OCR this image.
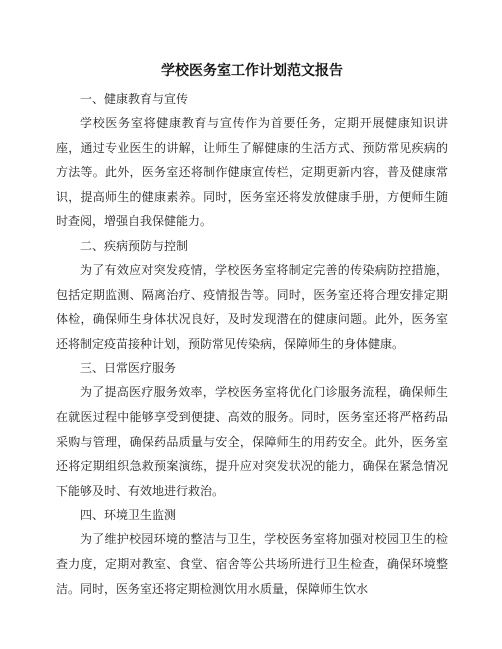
学校医务室工作计划范文报告

一、健康教育与宣传

学校医务室将健康教育与宣传作为首要任务，定期开展健康知识讲座，通过专业医生的讲解，让师生了解健康的生活方式、预防常见疾病的方法等。此外，医务室还将制作健康宣传栏，定期更新内容，普及健康常识，提高师生的健康素养。同时，医务室还将发放健康手册，方便师生随时查阅，增强自我保健能力。

二、疾病预防与控制

为了有效应对突发疫情，学校医务室将制定完善的传染病防控措施，包括定期监测、隔离治疗、疫情报告等。同时，医务室还将合理安排定期体检，确保师生身体状况良好，及时发现潜在的健康问题。此外，医务室还将制定疫苗接种计划，预防常见传染病，保障师生的身体健康。

三、日常医疗服务

为了提高医疗服务效率，学校医务室将优化门诊服务流程，确保师生在就医过程中能够享受到便捷、高效的服务。同时，医务室还将严格药品采购与管理，确保药品质量与安全，保障师生的用药安全。此外，医务室还将定期组织急救预案演练，提升应对突发状况的能力，确保在紧急情况下能够及时、有效地进行救治。

四、环境卫生监测

为了维护校园环境的整洁与卫生，学校医务室将加强对校园卫生的检查力度，定期对教室、食堂、宿舍等公共场所进行卫生检查，确保环境整洁。同时，医务室还将定期检测饮用水质量，保障师生饮水
